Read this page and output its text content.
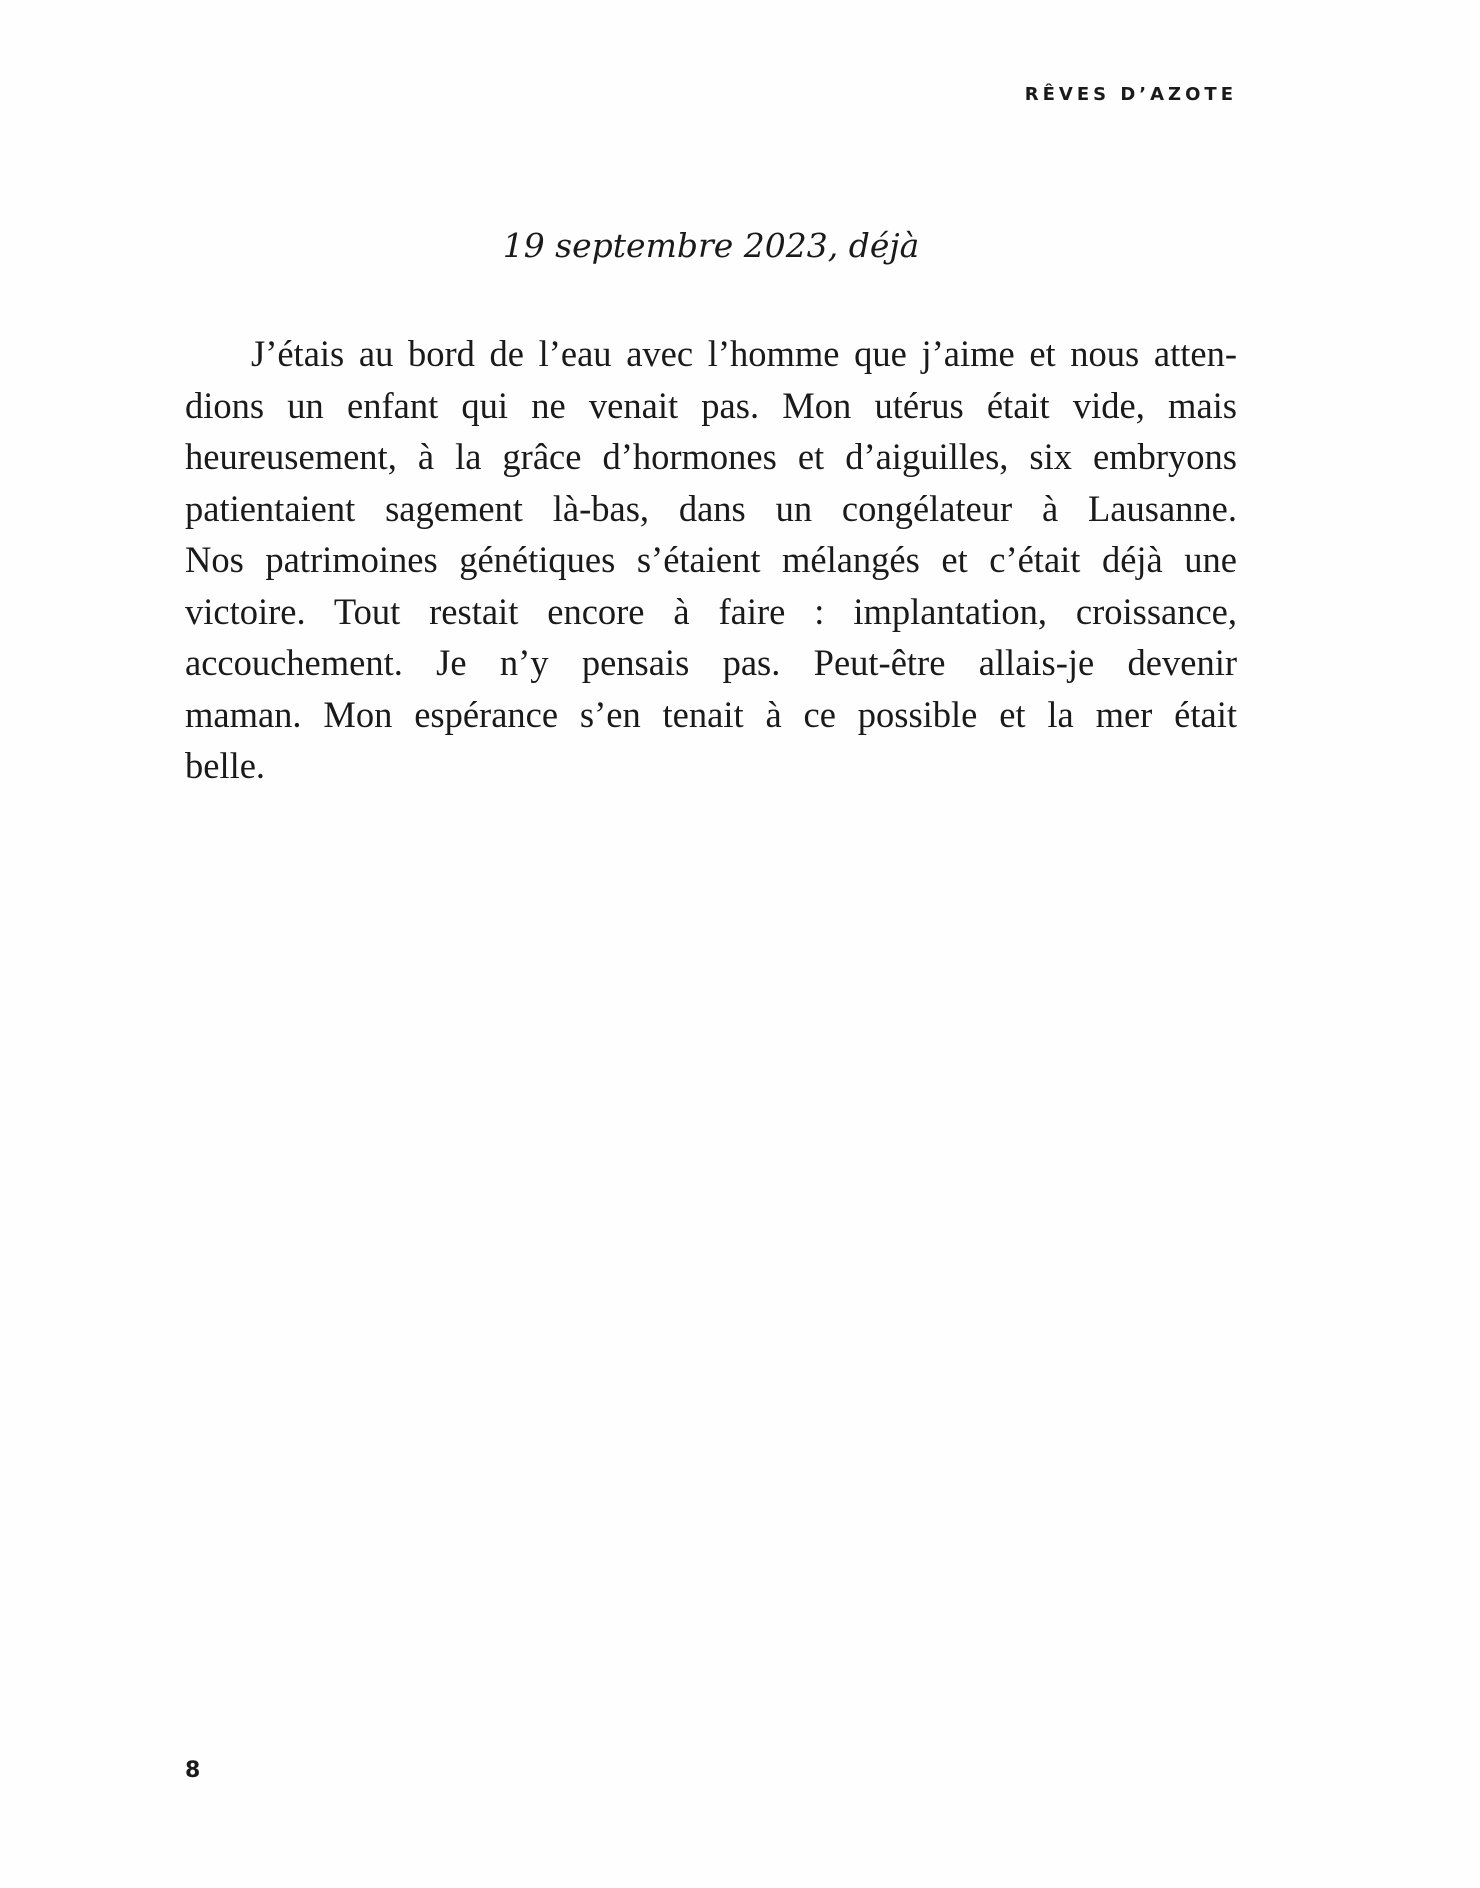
RÊVES D’AZOTE
19 septembre 2023, déjà
J’étais au bord de l’eau avec l’homme que j’aime et nous atten-
dions un enfant qui ne venait pas. Mon utérus était vide, mais
heureusement, à la grâce d’hormones et d’aiguilles, six embryons
patientaient sagement là-bas, dans un congélateur à Lausanne.
Nos patrimoines génétiques s’étaient mélangés et c’était déjà une
victoire. Tout restait encore à faire : implantation, croissance,
accouchement. Je n’y pensais pas. Peut-être allais-je devenir
maman. Mon espérance s’en tenait à ce possible et la mer était
belle.
8
